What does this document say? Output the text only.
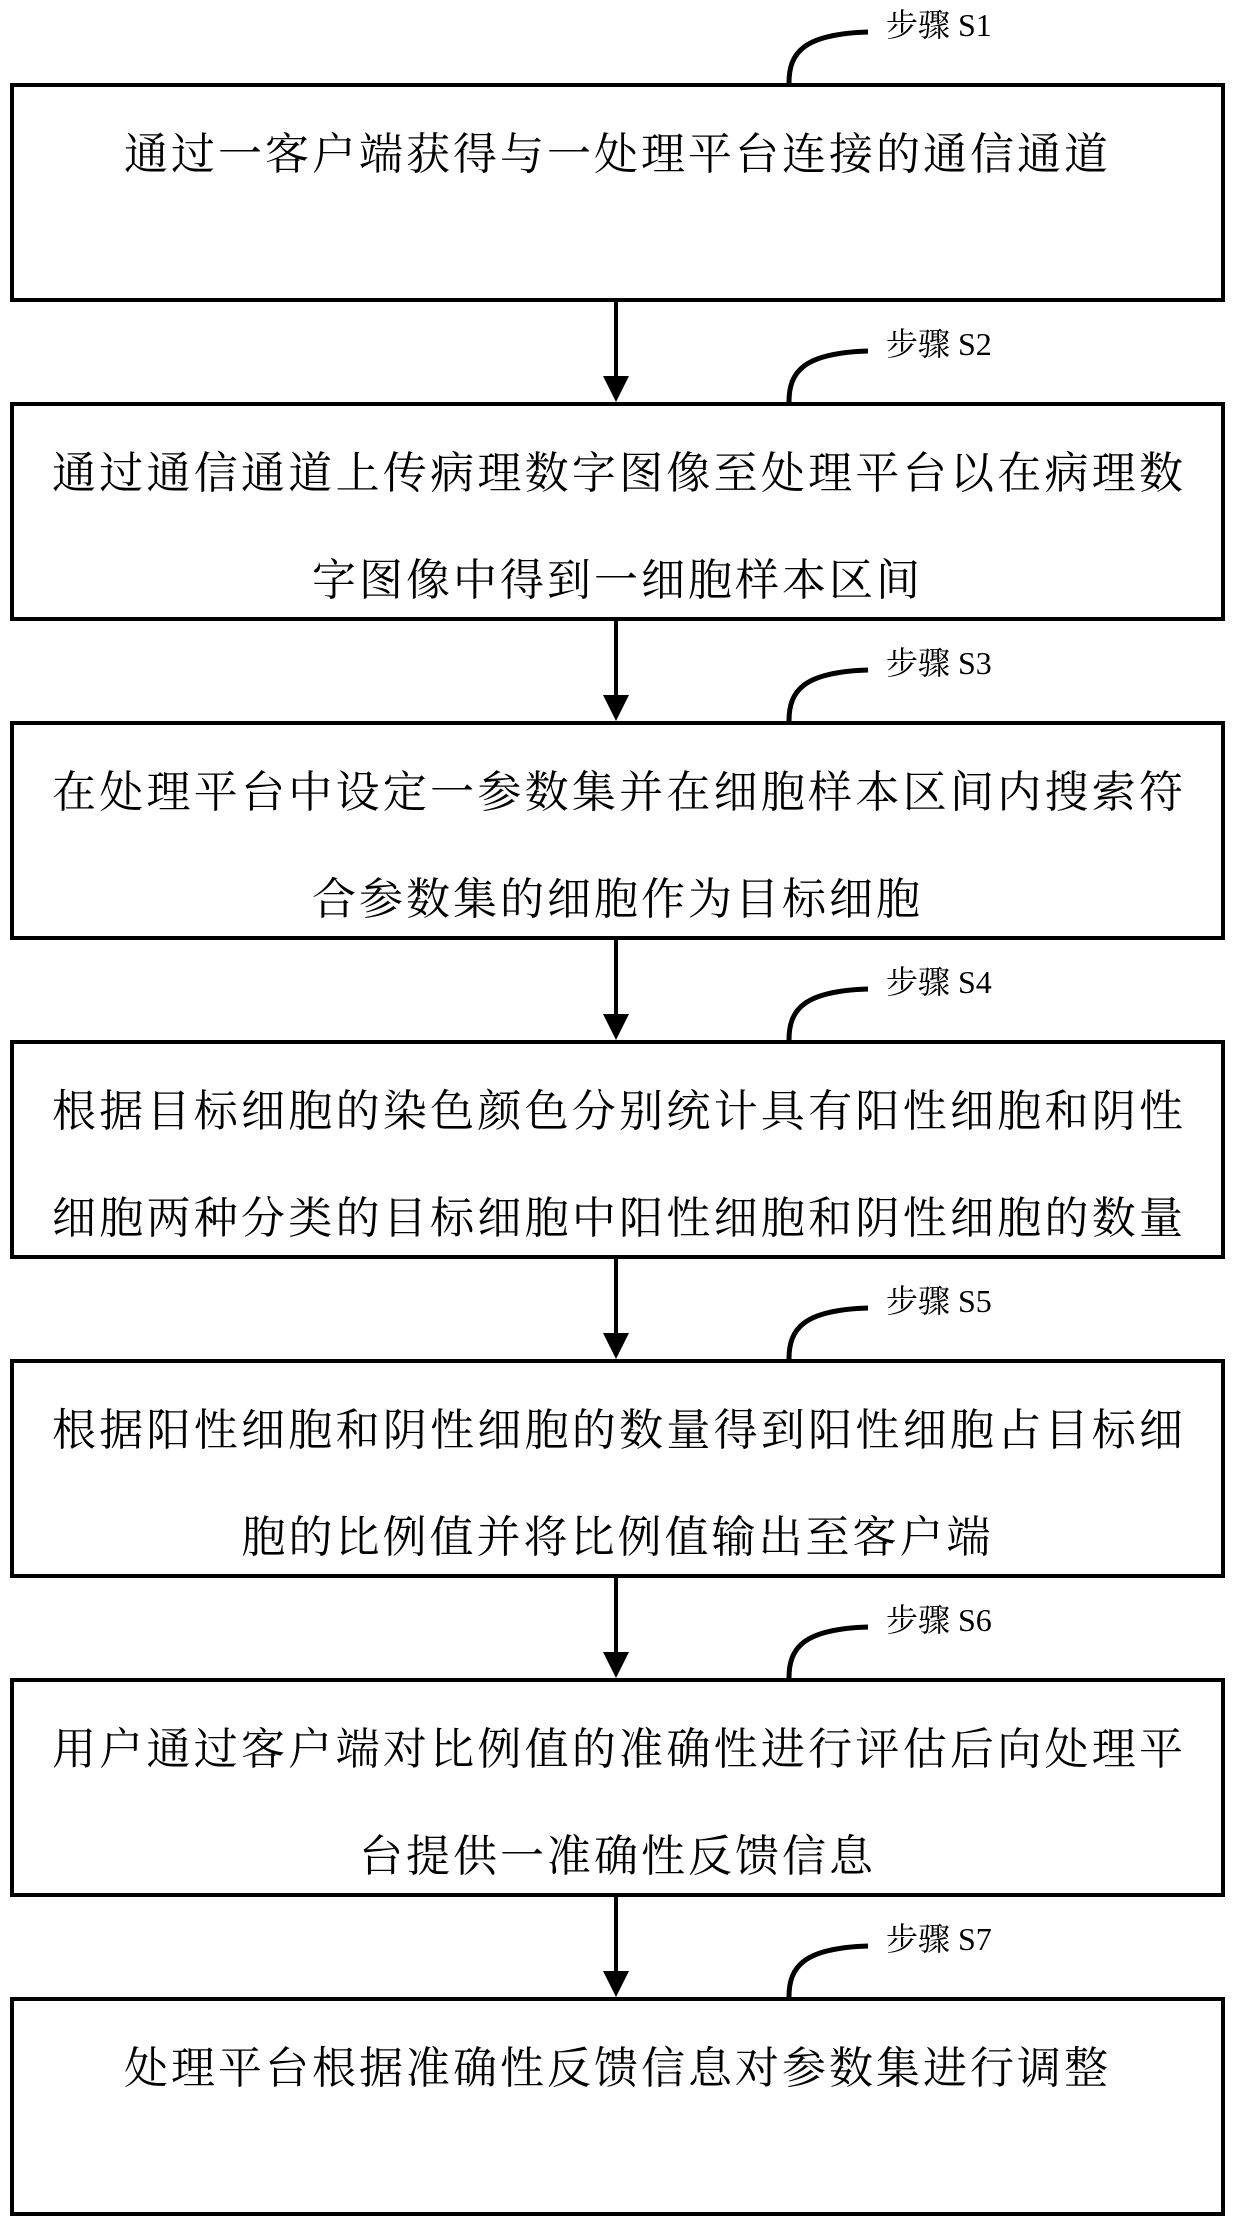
步骤 S1
通过一客户端获得与一处理平台连接的通信通道
步骤 S2
通过通信通道上传病理数字图像至处理平台以在病理数
字图像中得到一细胞样本区间
步骤 S3
在处理平台中设定一参数集并在细胞样本区间内搜索符
合参数集的细胞作为目标细胞
步骤 S4
根据目标细胞的染色颜色分别统计具有阳性细胞和阴性
细胞两种分类的目标细胞中阳性细胞和阴性细胞的数量
步骤 S5
根据阳性细胞和阴性细胞的数量得到阳性细胞占目标细
胞的比例值并将比例值输出至客户端
步骤 S6
用户通过客户端对比例值的准确性进行评估后向处理平
台提供一准确性反馈信息
步骤 S7
处理平台根据准确性反馈信息对参数集进行调整
